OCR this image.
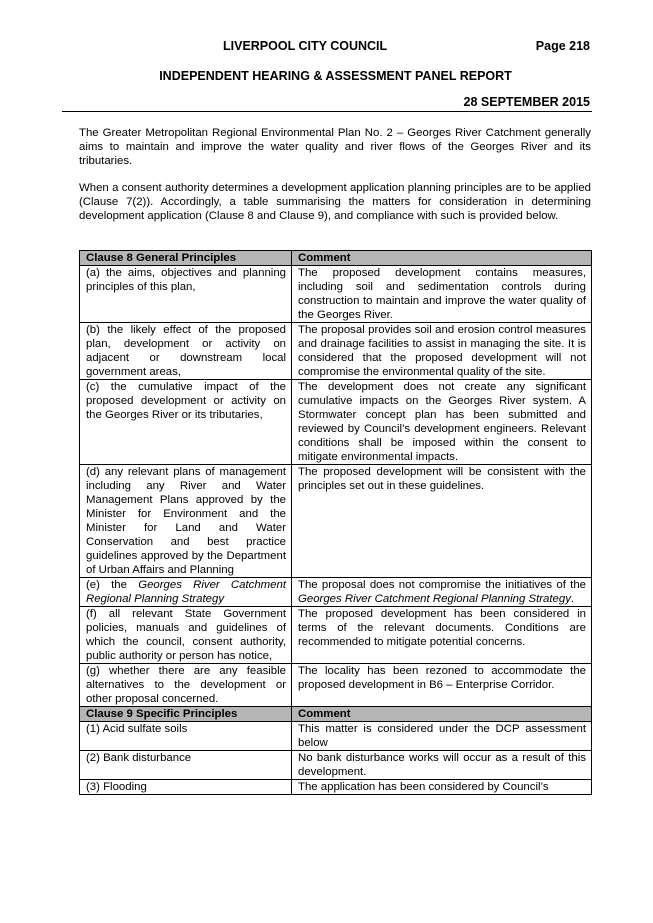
LIVERPOOL CITY COUNCIL	Page 218
INDEPENDENT HEARING & ASSESSMENT PANEL REPORT
28 SEPTEMBER 2015

The Greater Metropolitan Regional Environmental Plan No. 2 – Georges River Catchment generally aims to maintain and improve the water quality and river flows of the Georges River and its tributaries.

When a consent authority determines a development application planning principles are to be applied (Clause 7(2)). Accordingly, a table summarising the matters for consideration in determining development application (Clause 8 and Clause 9), and compliance with such is provided below.

Clause 8 General Principles	Comment
(a) the aims, objectives and planning principles of this plan,	The proposed development contains measures, including soil and sedimentation controls during construction to maintain and improve the water quality of the Georges River.
(b) the likely effect of the proposed plan, development or activity on adjacent or downstream local government areas,	The proposal provides soil and erosion control measures and drainage facilities to assist in managing the site. It is considered that the proposed development will not compromise the environmental quality of the site.
(c) the cumulative impact of the proposed development or activity on the Georges River or its tributaries,	The development does not create any significant cumulative impacts on the Georges River system. A Stormwater concept plan has been submitted and reviewed by Council’s development engineers. Relevant conditions shall be imposed within the consent to mitigate environmental impacts.
(d) any relevant plans of management including any River and Water Management Plans approved by the Minister for Environment and the Minister for Land and Water Conservation and best practice guidelines approved by the Department of Urban Affairs and Planning	The proposed development will be consistent with the principles set out in these guidelines.
(e) the Georges River Catchment Regional Planning Strategy	The proposal does not compromise the initiatives of the Georges River Catchment Regional Planning Strategy.
(f) all relevant State Government policies, manuals and guidelines of which the council, consent authority, public authority or person has notice,	The proposed development has been considered in terms of the relevant documents. Conditions are recommended to mitigate potential concerns.
(g) whether there are any feasible alternatives to the development or other proposal concerned.	The locality has been rezoned to accommodate the proposed development in B6 – Enterprise Corridor.
Clause 9 Specific Principles	Comment
(1) Acid sulfate soils	This matter is considered under the DCP assessment below
(2) Bank disturbance	No bank disturbance works will occur as a result of this development.
(3) Flooding	The application has been considered by Council’s
